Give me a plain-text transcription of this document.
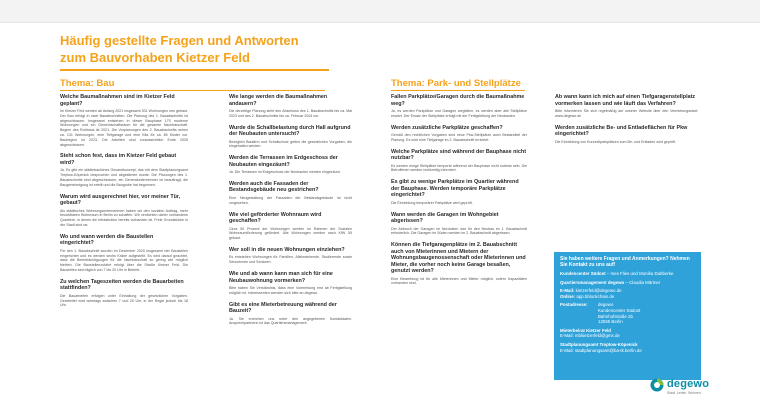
Häufig gestellte Fragen und Antworten
zum Bauvorhaben Kietzer Feld
Thema: Bau	Thema: Park- und Stellplätze
Welche Baumaßnahmen sind im Kietzer Feld geplant?
Im Kietzer Feld werden ab Anfang 2021 insgesamt 301 Wohnungen neu gebaut. Der Bau erfolgt in zwei Bauabschnitten. Die Planung des 1. Bauabschnitts ist abgeschlossen. Insgesamt entstehen in dieser Bauphase 170 moderne Wohnungen und ein Gemeinschaftsraum für die gesamte Nachbarschaft. Beginn des Rohbaus ist 2021. Die Vorplanungen des 2. Bauabschnitts sehen ca. 131 Wohnungen, eine Tiefgarage und eine Kita für ca. 85 Kinder vor. Baubeginn ist 2023. Die Arbeiten sind voraussichtlich Ende 2025 abgeschlossen.
Steht schon fest, dass im Kietzer Feld gebaut wird?
Ja. Es gibt ein städtebauliches Gesamtkonzept, das mit dem Stadtplanungsamt Treptow-Köpenick besprochen und abgestimmt wurde. Die Planungen des 1. Bauabschnitts sind abgeschlossen, ein Generalunternehmer ist beauftragt, die Baugenehmigung ist erteilt und die Baugrube hat begonnen.
Warum wird ausgerechnet hier, vor meiner Tür, gebaut?
Als städtisches Wohnungsunternehmen haben wir den sozialen Auftrag, mehr bezahlbaren Wohnraum in Berlin zu schaffen. Wir verdichten daher vorhandene Quartiere, in denen die Infrastruktur bereits vorhanden ist. Freie Grundstücke in der Stadt sind rar.
Wo und wann werden die Baustellen eingerichtet?
Für den 1. Bauabschnitt wurden im Dezember 2020 insgesamt vier Baustellen eingerichtet und es werden sechs Kräne aufgestellt. Es wird darauf geachtet, dass die Beeinträchtigungen für die Nachbarschaft so gering wie möglich bleiben. Die Baustellenzufahrt erfolgt über die Straße Kietzer Feld. Die Baustellen sind täglich von 7 bis 20 Uhr in Betrieb.
Zu welchen Tageszeiten werden die Bauarbeiten stattfinden?
Die Bauarbeiten erfolgen unter Einhaltung der gesetzlichen Vorgaben. Gearbeitet wird werktags zwischen 7 und 20 Uhr, in der Regel jedoch bis 18 Uhr.
Wie lange werden die Baumaßnahmen andauern?
Die derzeitige Planung sieht den Abschluss des 1. Bauabschnitts bis ca. Mai 2023 und des 2. Bauabschnitts bis ca. Februar 2024 vor.
Wurde die Schallbelastung durch Hall aufgrund der Neubauten untersucht?
Bezüglich Baulärm und Schallschutz gelten die gesetzlichen Vorgaben, die eingehalten werden.
Werden die Terrassen im Erdgeschoss der Neubauten eingezäunt?
Ja. Die Terrassen im Erdgeschoss der Neubauten werden eingezäunt.
Werden auch die Fassaden der Bestandsgebäude neu gestrichen?
Eine Neugestaltung der Fassaden der Bestandsgebäude ist nicht vorgesehen.
Wie viel geförderter Wohnraum wird geschaffen?
Circa 50 Prozent der Wohnungen werden im Rahmen der Sozialen Wohnraumförderung gefördert. Alle Wohnungen werden nach KfW 55 gebaut.
Wer soll in die neuen Wohnungen einziehen?
Es entstehen Wohnungen für Familien, Alleinstehende, Studierende sowie Seniorinnen und Senioren.
Wie und ab wann kann man sich für eine Neubauwohnung vormerken?
Bitte haben Sie Verständnis, dass eine Vormerkung erst ab Fertigstellung möglich ist. Interessenten wenden sich bitte an degewo.
Gibt es eine Mieterbetreuung während der Bauzeit?
Ja. Sie erreichen uns unter den angegebenen Kontaktdaten. Ansprechpartnerin ist das Quartiersmanagement.
Fallen Parkplätze/Garagen durch die Baumaßnahme weg?
Ja, es werden Parkplätze und Garagen wegfallen, es werden aber alle Stellplätze ersetzt. Der Ersatz der Stellplätze erfolgt mit der Fertigstellung der Neubauten.
Werden zusätzliche Parkplätze geschaffen?
Gemäß den rechtlichen Vorgaben sind neue Pkw-Stellplätze auch Bestandteil der Planung. Es wird eine Tiefgarage im 2. Bauabschnitt errichtet.
Welche Parkplätze sind während der Bauphase nicht nutzbar?
Es werden einige Stellplätze temporär während der Bauphase nicht nutzbar sein. Die Betroffenen werden rechtzeitig informiert.
Es gibt zu wenige Parkplätze im Quartier während der Bauphase. Werden temporäre Parkplätze eingerichtet?
Die Einrichtung temporärer Parkplätze wird geprüft.
Wann werden die Garagen im Wohngebiet abgerissen?
Der Abbruch der Garagen im Nordosten war für den Neubau im 1. Bauabschnitt erforderlich. Die Garagen im Süden werden im 2. Bauabschnitt abgerissen.
Können die Tiefgaragenplätze im 2. Bauabschnitt auch von Mieterinnen und Mietern der Wohnungsbaugenossenschaft oder Mieterinnen und Mieter, die vorher noch keine Garage besaßen, genutzt werden?
Eine Bewerbung ist für alle Mieterinnen und Mieter möglich, sofern Kapazitäten vorhanden sind.
Ab wann kann ich mich auf einen Tiefgaragenstellplatz vormerken lassen und wie läuft das Verfahren?
Bitte informieren Sie sich regelmäßig auf unserer Website über den Vermietungsstart: www.degewo.de
Werden zusätzliche Be- und Entladeflächen für Pkw eingerichtet?
Die Einrichtung von Kurzzeitparkplätzen zum Be- und Entladen wird geprüft.
Sie haben weitere Fragen und Anmerkungen? Nehmen Sie Kontakt zu uns auf!
Kundencenter Südost – Ines Flies und Monika Dubberke
Quartiersmanagement degewo – Claudia Märtner
E-Mail: kietzerfeld@degewo.de
Online: app.bblockchain.de
Postadresse:	degewo
Kundencenter Südost
Bahnhofstraße 2b
12555 Berlin
Mieterbeirat Kietzer Feld
E-Mail: mbkietzerfeld@gmx.de
Stadtplanungsamt Treptow-Köpenick
E-Mail: stadtplanungsamt@ba-tk.berlin.de
degewo
Stadt. Leben. Wohnen.
